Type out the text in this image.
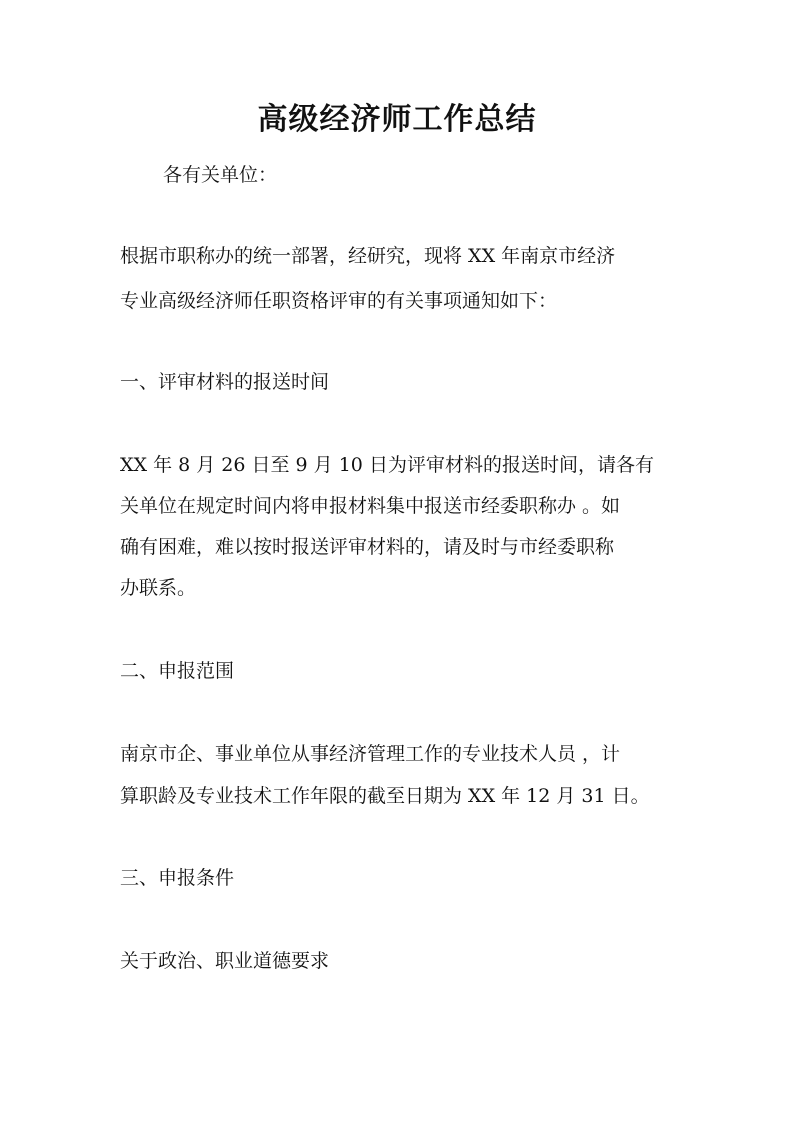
高级经济师工作总结
各有关单位：
根据市职称办的统一部署，经研究，现将 XX 年南京市经济
专业高级经济师任职资格评审的有关事项通知如下：
一、评审材料的报送时间
XX 年 8 月 26 日至 9 月 10 日为评审材料的报送时间，请各有
关单位在规定时间内将申报材料集中报送市经委职称办 。如
确有困难，难以按时报送评审材料的，请及时与市经委职称
办联系。
二、申报范围
南京市企、事业单位从事经济管理工作的专业技术人员 ，计
算职龄及专业技术工作年限的截至日期为 XX 年 12 月 31 日。
三、申报条件
关于政治、职业道德要求
